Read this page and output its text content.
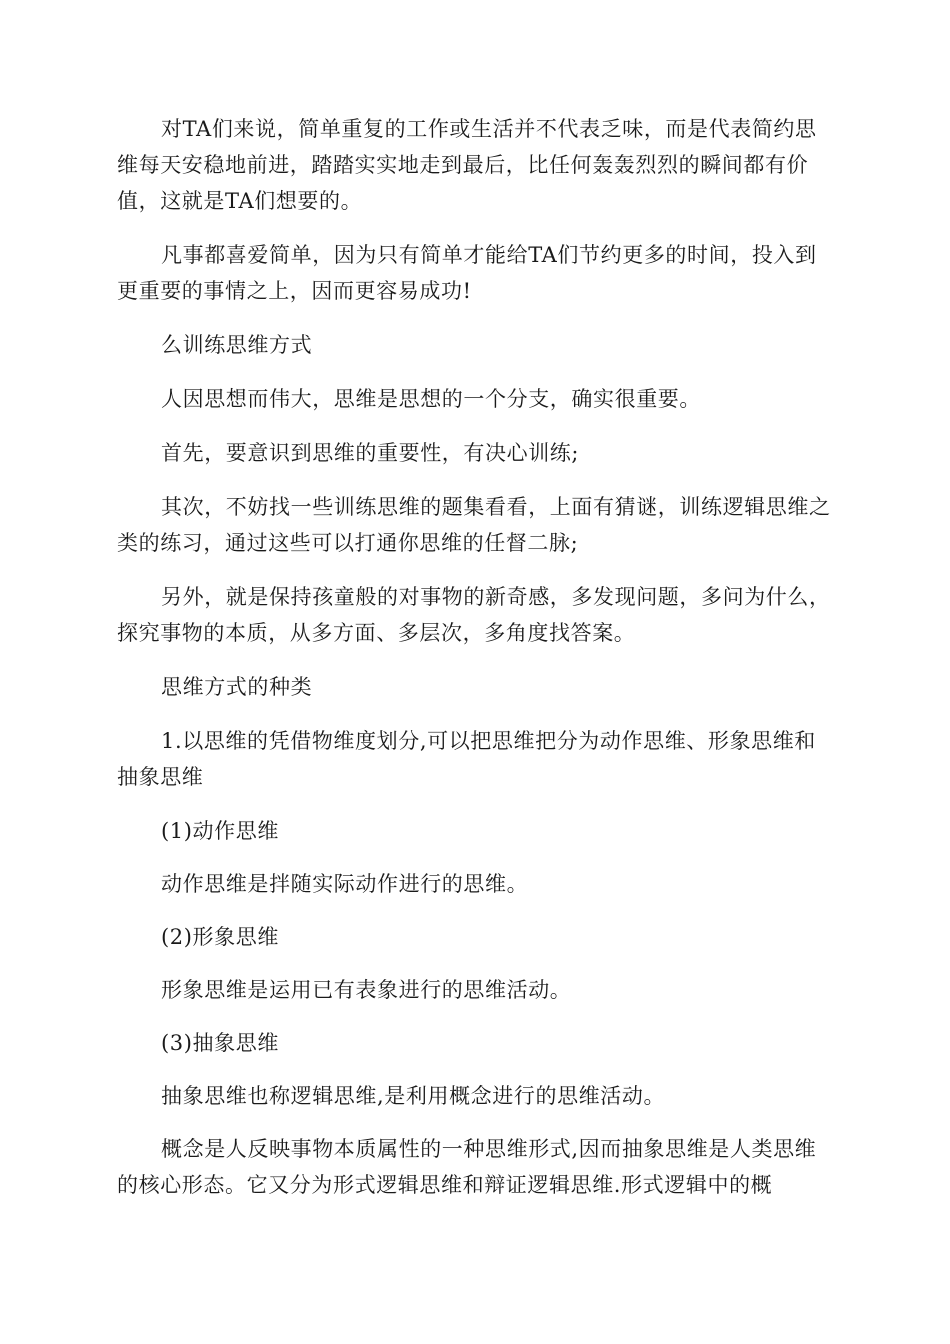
对TA们来说，简单重复的工作或生活并不代表乏味，而是代表简约思维每天安稳地前进，踏踏实实地走到最后，比任何轰轰烈烈的瞬间都有价值，这就是TA们想要的。

凡事都喜爱简单，因为只有简单才能给TA们节约更多的时间，投入到更重要的事情之上，因而更容易成功!

么训练思维方式

人因思想而伟大，思维是思想的一个分支，确实很重要。

首先，要意识到思维的重要性，有决心训练;

其次，不妨找一些训练思维的题集看看，上面有猜谜，训练逻辑思维之类的练习，通过这些可以打通你思维的任督二脉;

另外，就是保持孩童般的对事物的新奇感，多发现问题，多问为什么，探究事物的本质，从多方面、多层次，多角度找答案。

思维方式的种类

1.以思维的凭借物维度划分,可以把思维把分为动作思维、形象思维和抽象思维

(1)动作思维

动作思维是拌随实际动作进行的思维。

(2)形象思维

形象思维是运用已有表象进行的思维活动。

(3)抽象思维

抽象思维也称逻辑思维,是利用概念进行的思维活动。

概念是人反映事物本质属性的一种思维形式,因而抽象思维是人类思维的核心形态。它又分为形式逻辑思维和辩证逻辑思维.形式逻辑中的概
